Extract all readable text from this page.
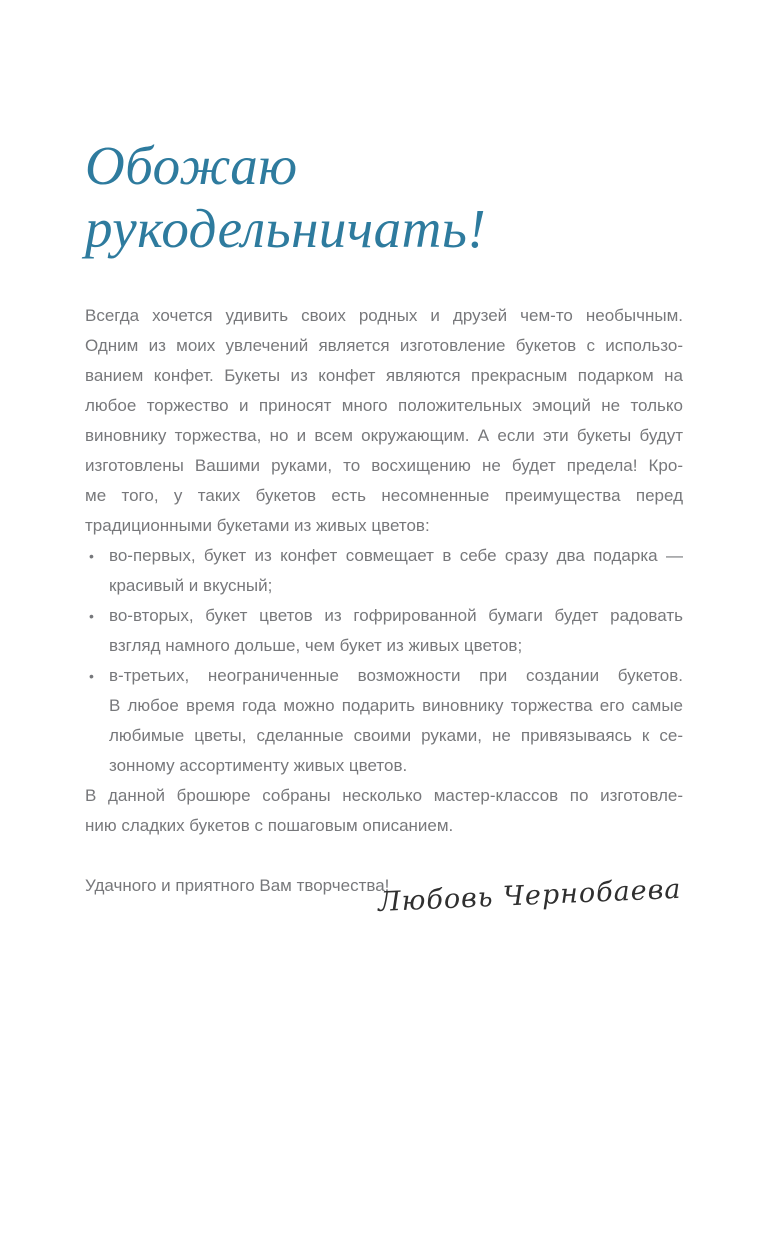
Обожаю
рукодельничать!
Всегда хочется удивить своих родных и друзей чем-то необычным.
Одним из моих увлечений является изготовление букетов с использо-
ванием конфет. Букеты из конфет являются прекрасным подарком на
любое торжество и приносят много положительных эмоций не только
виновнику торжества, но и всем окружающим. А если эти букеты будут
изготовлены Вашими руками, то восхищению не будет предела! Кро-
ме того, у таких букетов есть несомненные преимущества перед
традиционными букетами из живых цветов:
• во-первых, букет из конфет совмещает в себе сразу два подарка —
красивый и вкусный;
• во-вторых, букет цветов из гофрированной бумаги будет радовать
взгляд намного дольше, чем букет из живых цветов;
• в-третьих, неограниченные возможности при создании букетов.
В любое время года можно подарить виновнику торжества его самые
любимые цветы, сделанные своими руками, не привязываясь к се-
зонному ассортименту живых цветов.
В данной брошюре собраны несколько мастер-классов по изготовле-
нию сладких букетов с пошаговым описанием.
Удачного и приятного Вам творчества!
Любовь Чернобаева
